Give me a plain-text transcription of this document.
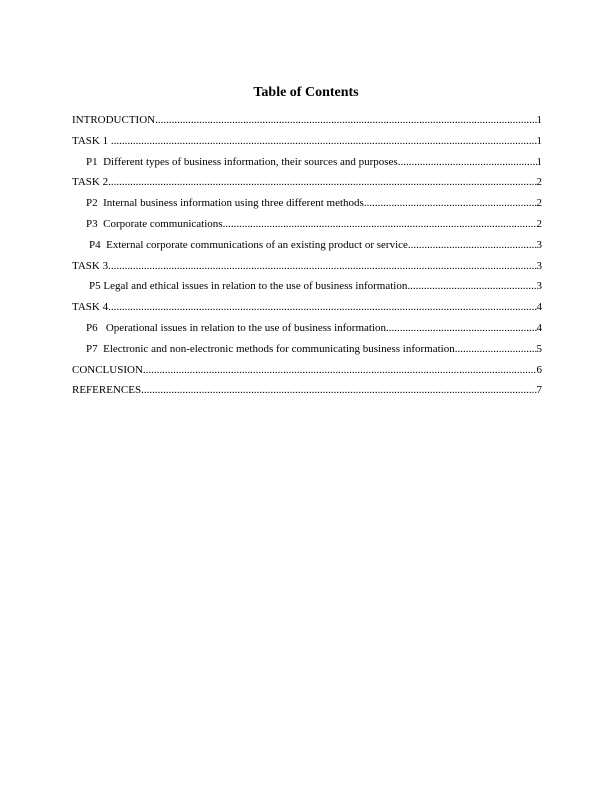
Table of Contents
INTRODUCTION .....	1
TASK 1 .....	1
P1  Different types of business information, their sources and purposes .....	1
TASK 2 .....	2
P2  Internal business information using three different methods .....	2
P3  Corporate communications .....	2
P4  External corporate communications of an existing product or service .....	3
TASK 3 .....	3
P5 Legal and ethical issues in relation to the use of business information .....	3
TASK 4 .....	4
P6   Operational issues in relation to the use of business information .....	4
P7  Electronic and non-electronic methods for communicating business information .....	5
CONCLUSION .....	6
REFERENCES .....	7
